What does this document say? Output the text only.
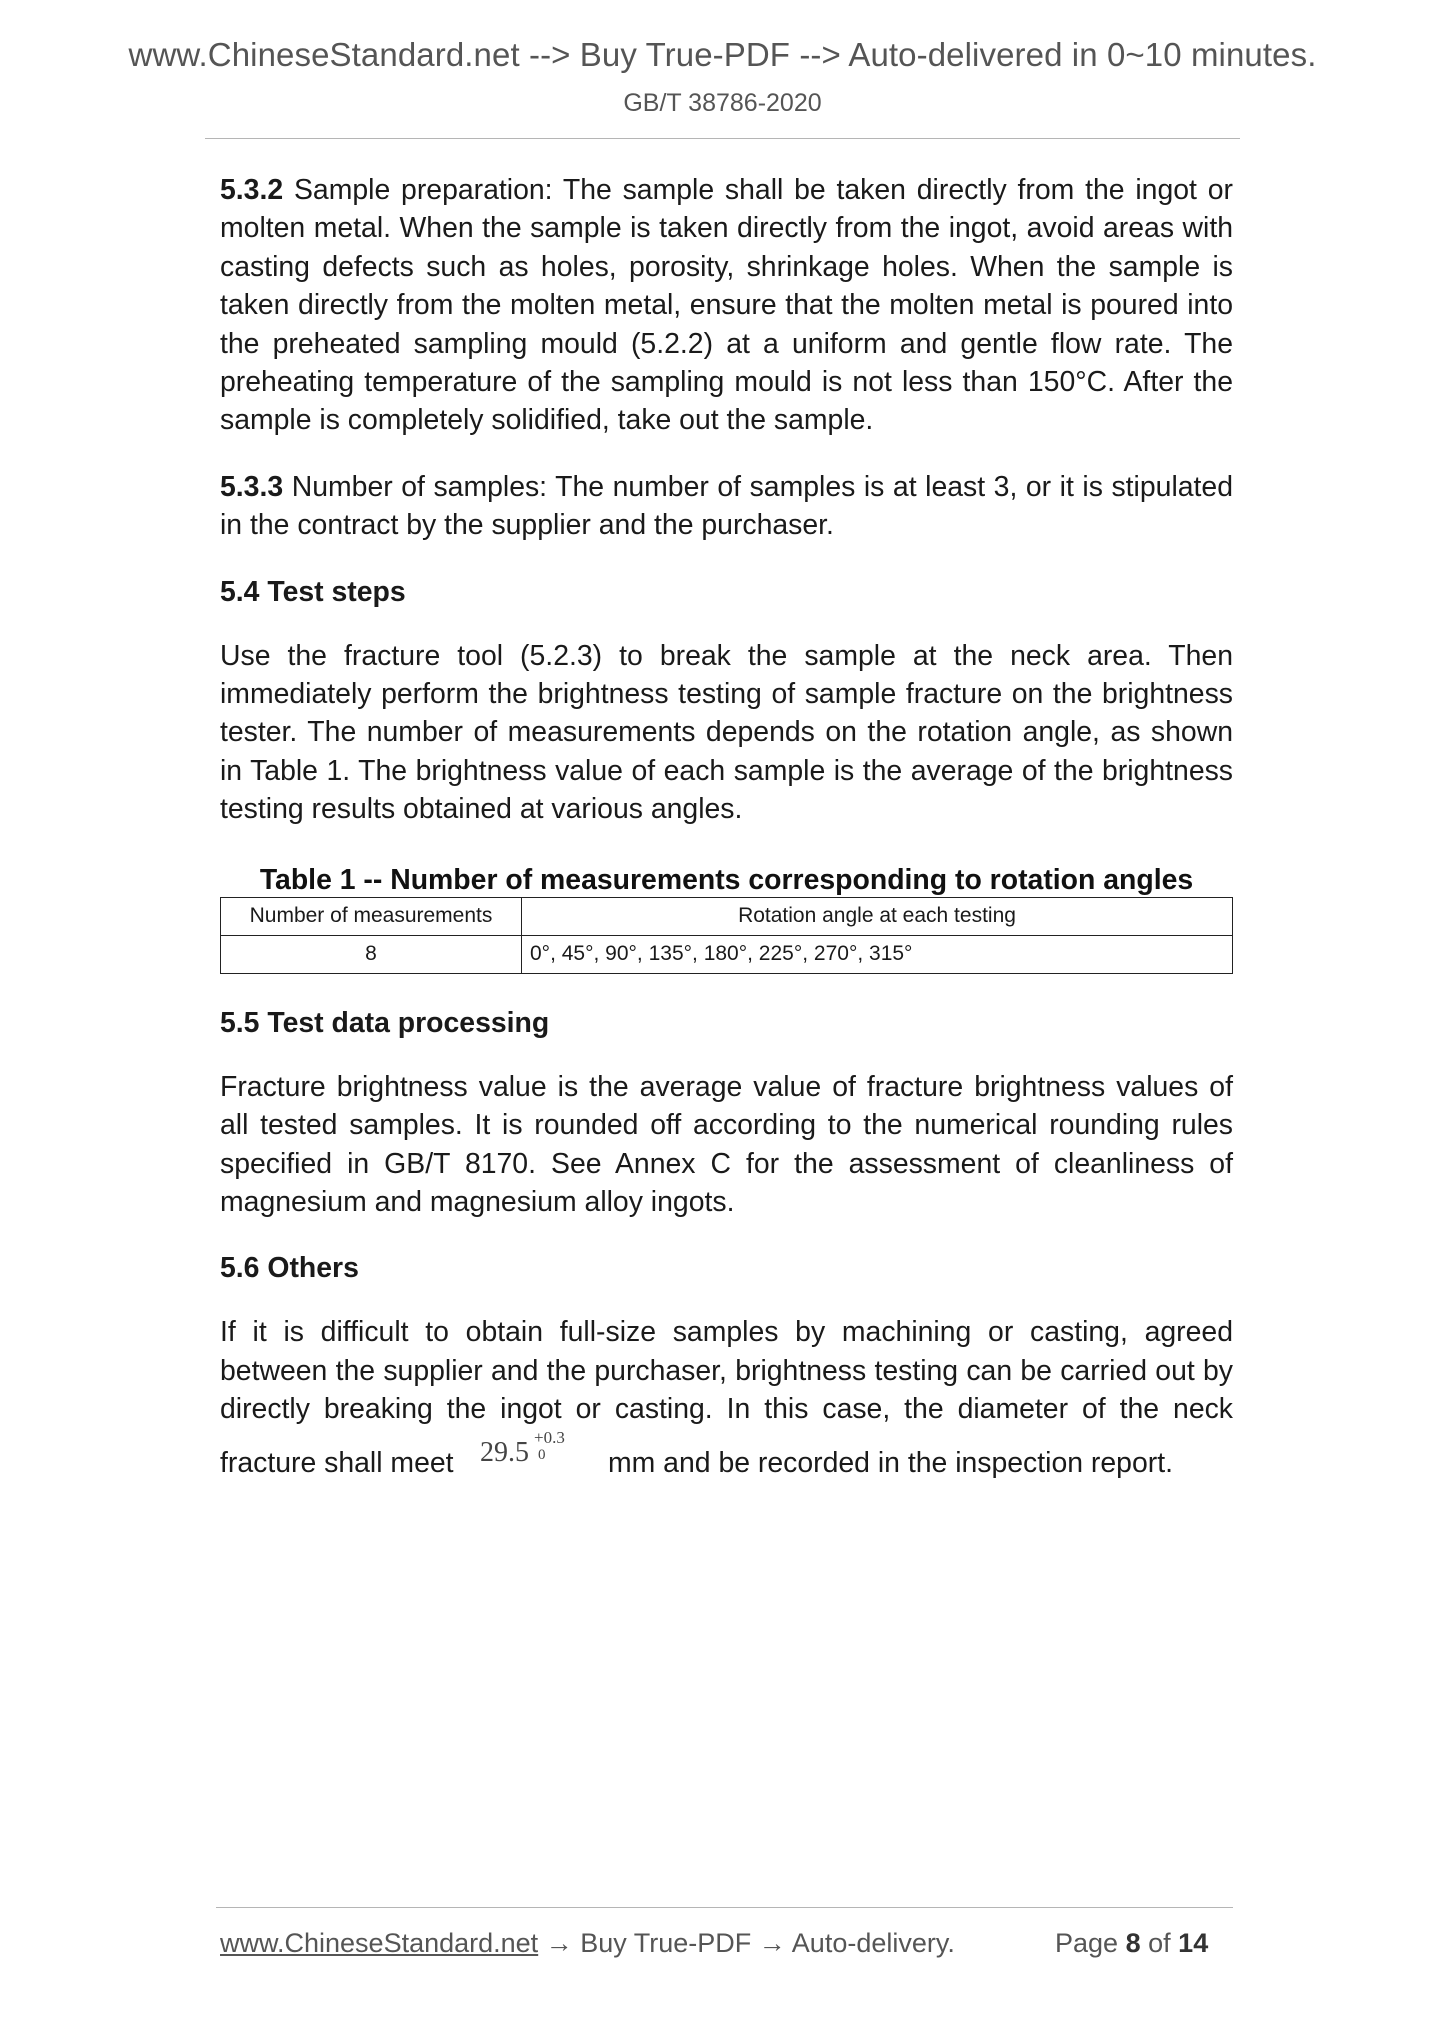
www.ChineseStandard.net --> Buy True-PDF --> Auto-delivered in 0~10 minutes.
GB/T 38786-2020

5.3.2 Sample preparation: The sample shall be taken directly from the ingot or molten metal. When the sample is taken directly from the ingot, avoid areas with casting defects such as holes, porosity, shrinkage holes. When the sample is taken directly from the molten metal, ensure that the molten metal is poured into the preheated sampling mould (5.2.2) at a uniform and gentle flow rate. The preheating temperature of the sampling mould is not less than 150°C. After the sample is completely solidified, take out the sample.

5.3.3 Number of samples: The number of samples is at least 3, or it is stipulated in the contract by the supplier and the purchaser.

5.4 Test steps

Use the fracture tool (5.2.3) to break the sample at the neck area. Then immediately perform the brightness testing of sample fracture on the brightness tester. The number of measurements depends on the rotation angle, as shown in Table 1. The brightness value of each sample is the average of the brightness testing results obtained at various angles.

Table 1 -- Number of measurements corresponding to rotation angles
Number of measurements	Rotation angle at each testing
8	0°, 45°, 90°, 135°, 180°, 225°, 270°, 315°
5.5 Test data processing

Fracture brightness value is the average value of fracture brightness values of all tested samples. It is rounded off according to the numerical rounding rules specified in GB/T 8170. See Annex C for the assessment of cleanliness of magnesium and magnesium alloy ingots.

5.6 Others

If it is difficult to obtain full-size samples by machining or casting, agreed between the supplier and the purchaser, brightness testing can be carried out by directly breaking the ingot or casting. In this case, the diameter of the neck

fracture shall meet 29.5 +0.3
0 mm and be recorded in the inspection report.
www.ChineseStandard.net → Buy True-PDF → Auto-delivery.	Page 8 of 14
